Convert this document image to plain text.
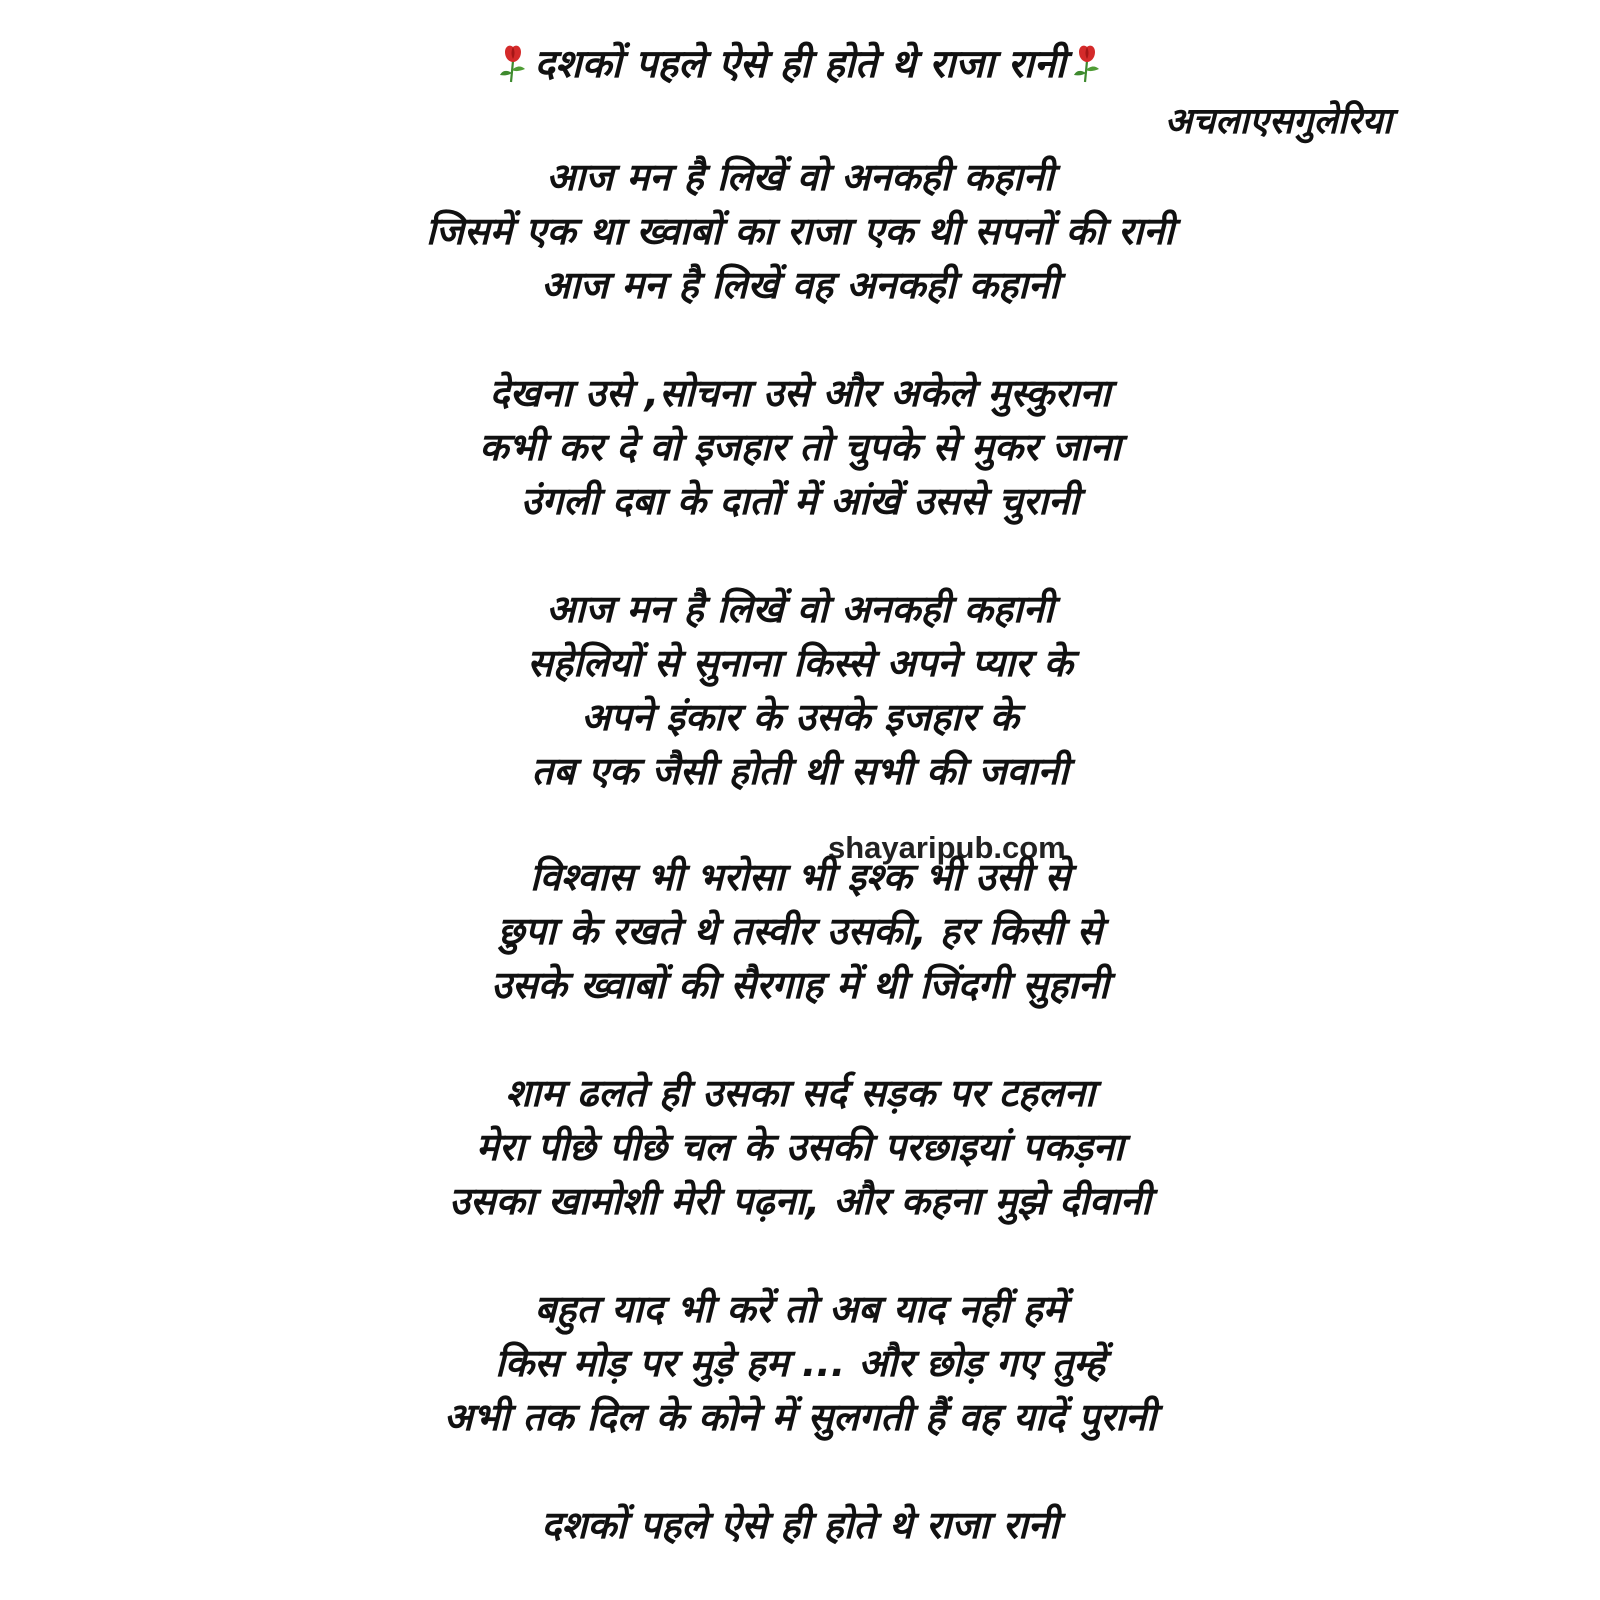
दशकों पहले ऐसे ही होते थे राजा रानी
अचलाएसगुलेरिया
आज मन है लिखें वो अनकही कहानी
जिसमें एक था ख्वाबों का राजा एक थी सपनों की रानी
आज मन है लिखें वह अनकही कहानी
देखना उसे ,सोचना उसे और अकेले मुस्कुराना
कभी कर दे वो इजहार तो चुपके से मुकर जाना
उंगली दबा के दातों में आंखें उससे चुरानी
आज मन है लिखें वो अनकही कहानी
सहेलियों से सुनाना किस्से अपने प्यार के
अपने इंकार के उसके इजहार के
तब एक जैसी होती थी सभी की जवानी
shayaripub.com
विश्वास भी भरोसा भी इश्क भी उसी से
छुपा के रखते थे तस्वीर उसकी, हर किसी से
उसके ख्वाबों की सैरगाह में थी जिंदगी सुहानी
शाम ढलते ही उसका सर्द सड़क पर टहलना
मेरा पीछे पीछे चल के उसकी परछाइयां पकड़ना
उसका खामोशी मेरी पढ़ना, और कहना मुझे दीवानी
बहुत याद भी करें तो अब याद नहीं हमें
किस मोड़ पर मुड़े हम ... और छोड़ गए तुम्हें
अभी तक दिल के कोने में सुलगती हैं वह यादें पुरानी
दशकों पहले ऐसे ही होते थे राजा रानी
